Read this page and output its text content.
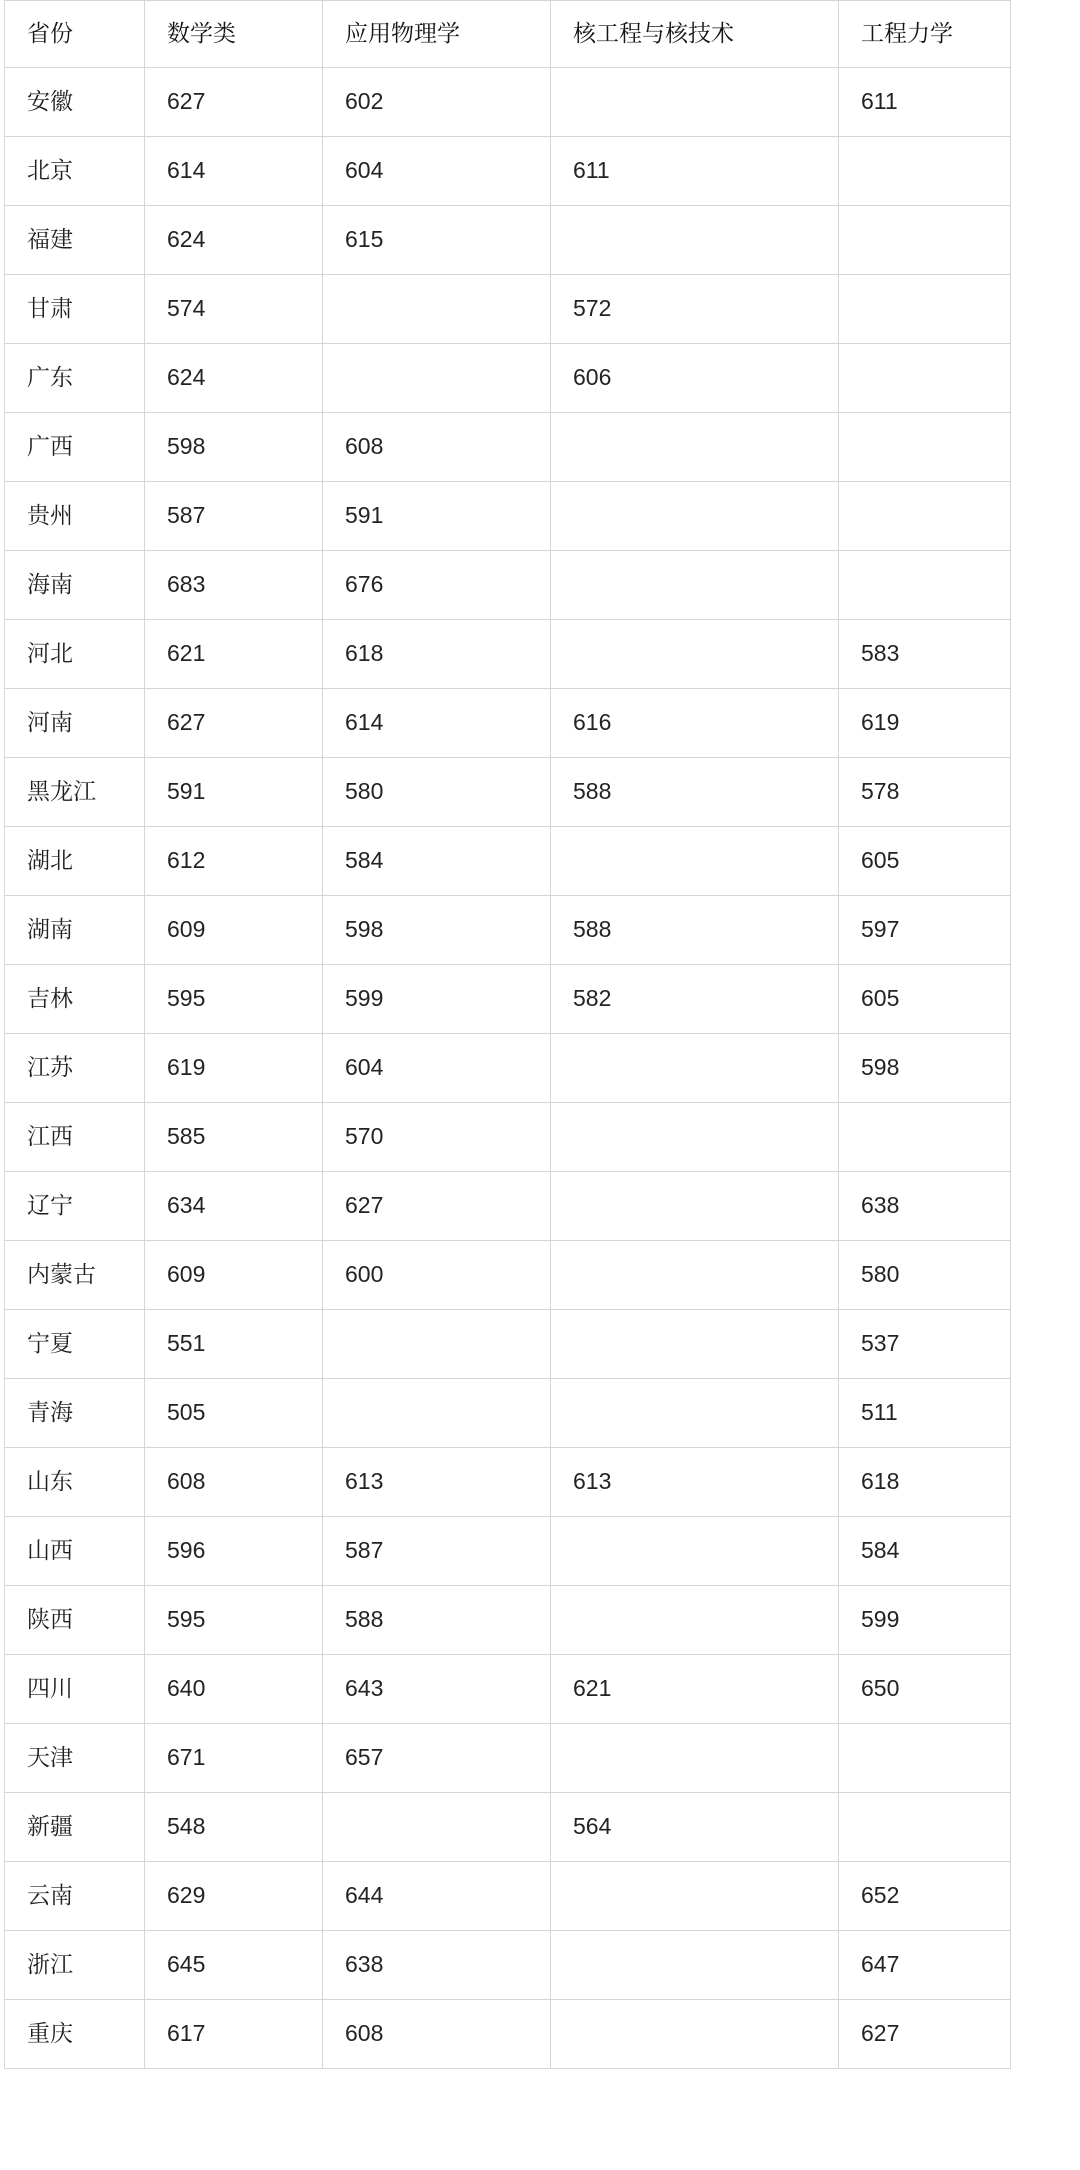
省份	数学类	应用物理学	核工程与核技术	工程力学
安徽	627	602		611
北京	614	604	611	
福建	624	615		
甘肃	574		572	
广东	624		606	
广西	598	608		
贵州	587	591		
海南	683	676		
河北	621	618		583
河南	627	614	616	619
黑龙江	591	580	588	578
湖北	612	584		605
湖南	609	598	588	597
吉林	595	599	582	605
江苏	619	604		598
江西	585	570		
辽宁	634	627		638
内蒙古	609	600		580
宁夏	551			537
青海	505			511
山东	608	613	613	618
山西	596	587		584
陕西	595	588		599
四川	640	643	621	650
天津	671	657		
新疆	548		564	
云南	629	644		652
浙江	645	638		647
重庆	617	608		627
